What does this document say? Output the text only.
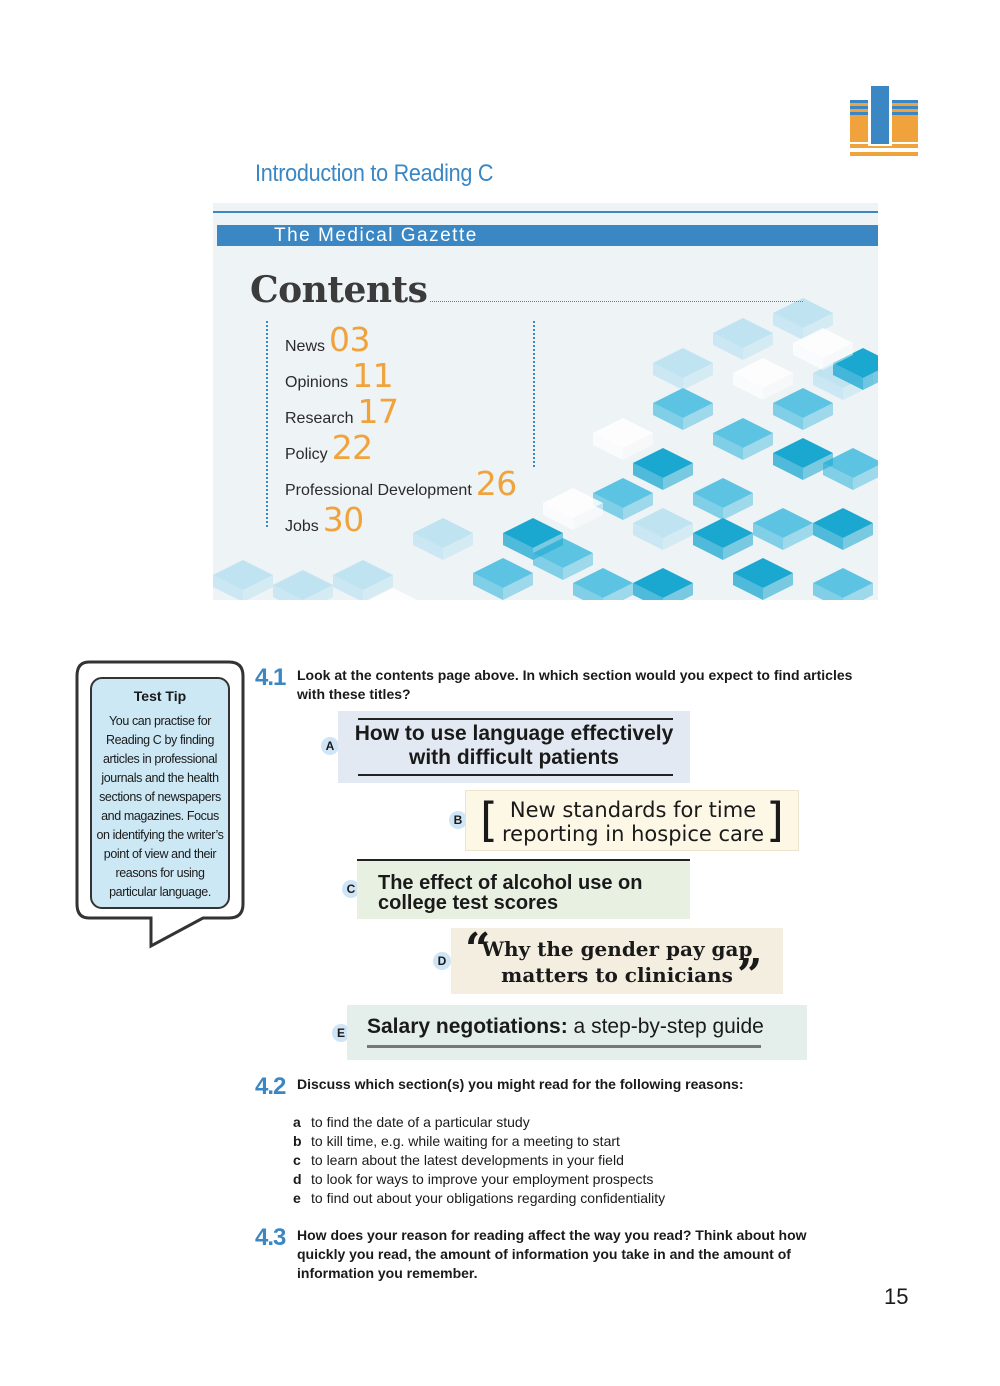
Introduction to Reading C
The Medical Gazette
Contents
News 03
Opinions 11
Research 17
Policy 22
Professional Development 26
Jobs 30
Test Tip
You can practise for Reading C by finding articles in professional journals and the health sections of newspapers and magazines. Focus on identifying the writer’s point of view and their reasons for using particular language.
4.1 Look at the contents page above. In which section would you expect to find articles
with these titles?
A
How to use language effectively
with difficult patients
B [ New standards for time
reporting in hospice care ]
C The effect of alcohol use on
college test scores
D “
Why the gender pay gap
matters to clinicians ”
E Salary negotiations: a step-by-step guide
4.2 Discuss which section(s) you might read for the following reasons:
a to find the date of a particular study
b to kill time, e.g. while waiting for a meeting to start
c to learn about the latest developments in your field
d to look for ways to improve your employment prospects
e to find out about your obligations regarding confidentiality
4.3 How does your reason for reading affect the way you read? Think about how
quickly you read, the amount of information you take in and the amount of
information you remember.
15
